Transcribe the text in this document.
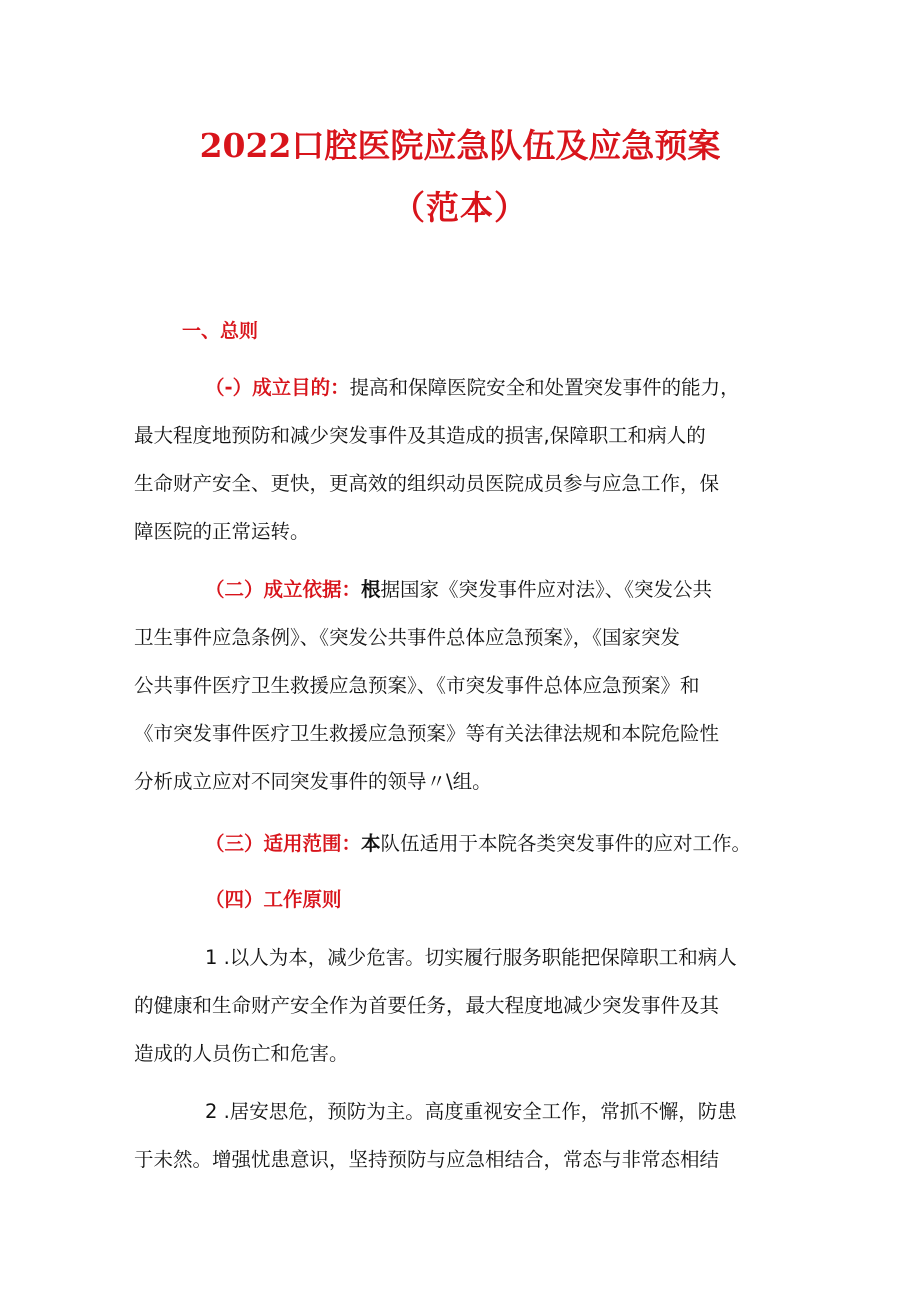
2022口腔医院应急队伍及应急预案
（范本）
一、总则
（-）成立目的：提高和保障医院安全和处置突发事件的能力，
最大程度地预防和减少突发事件及其造成的损害,保障职工和病人的
生命财产安全、更快，更高效的组织动员医院成员参与应急工作，保
障医院的正常运转。
（二）成立依据：根据国家《突发事件应对法》、《突发公共
卫生事件应急条例》、《突发公共事件总体应急预案》，《国家突发
公共事件医疗卫生救援应急预案》、《市突发事件总体应急预案》和
《市突发事件医疗卫生救援应急预案》等有关法律法规和本院危险性
分析成立应对不同突发事件的领导〃\组。
（三）适用范围：本队伍适用于本院各类突发事件的应对工作。
（四）工作原则
1 .以人为本，减少危害。切实履行服务职能把保障职工和病人
的健康和生命财产安全作为首要任务，最大程度地减少突发事件及其
造成的人员伤亡和危害。
2 .居安思危，预防为主。高度重视安全工作，常抓不懈，防患
于未然。增强忧患意识，坚持预防与应急相结合，常态与非常态相结
